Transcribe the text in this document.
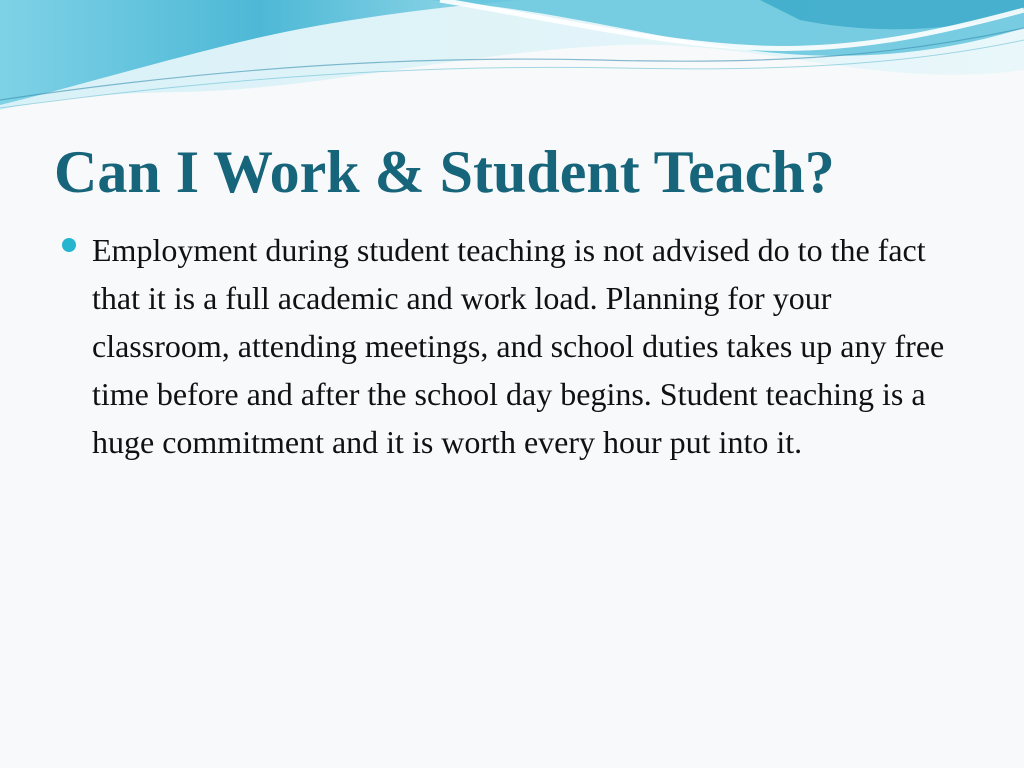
Can I Work & Student Teach?
Employment during student teaching is not advised do to the fact that it is a full academic and work load. Planning for your classroom, attending meetings, and school duties takes up any free time before and after the school day begins. Student teaching is a huge commitment and it is worth every hour put into it.
